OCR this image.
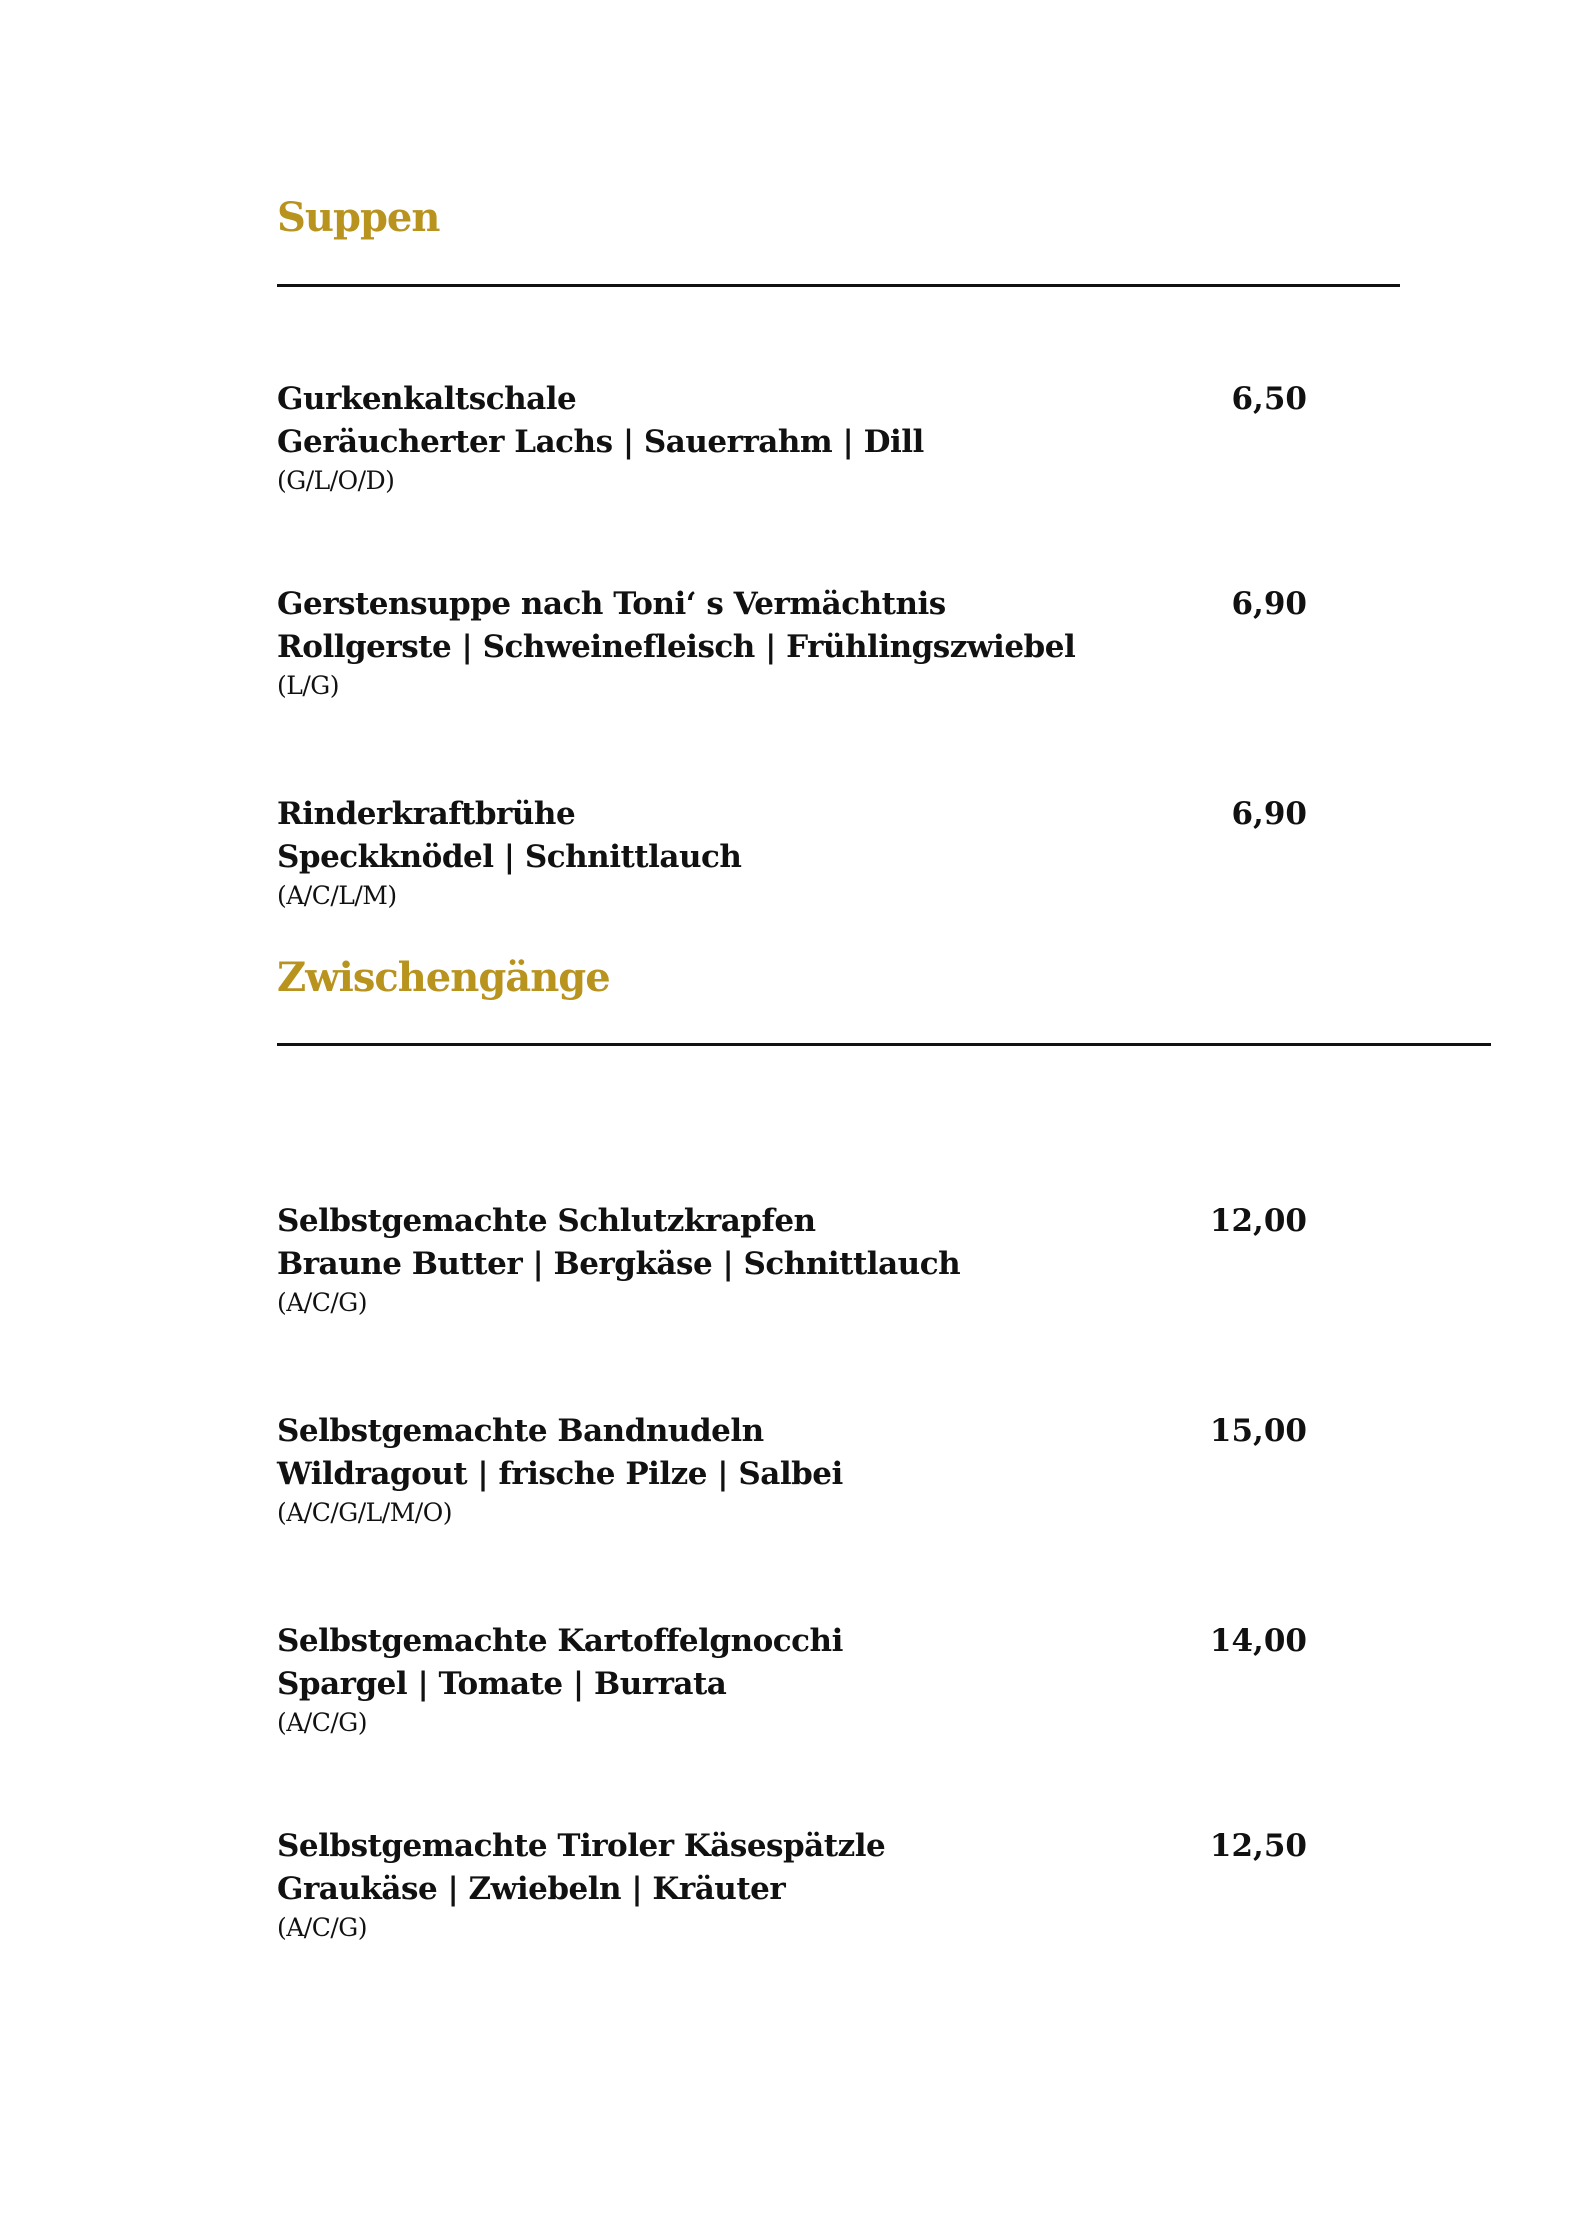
Suppen
Gurkenkaltschale
Geräucherter Lachs | Sauerrahm | Dill
(G/L/O/D)
6,50
Gerstensuppe nach Toni‘ s Vermächtnis
Rollgerste | Schweinefleisch | Frühlingszwiebel
(L/G)
6,90
Rinderkraftbrühe
Speckknödel | Schnittlauch
(A/C/L/M)
6,90
Zwischengänge
Selbstgemachte Schlutzkrapfen
Braune Butter | Bergkäse | Schnittlauch
(A/C/G)
12,00
Selbstgemachte Bandnudeln
Wildragout | frische Pilze | Salbei
(A/C/G/L/M/O)
15,00
Selbstgemachte Kartoffelgnocchi
Spargel | Tomate | Burrata
(A/C/G)
14,00
Selbstgemachte Tiroler Käsespätzle
Graukäse | Zwiebeln | Kräuter
(A/C/G)
12,50
